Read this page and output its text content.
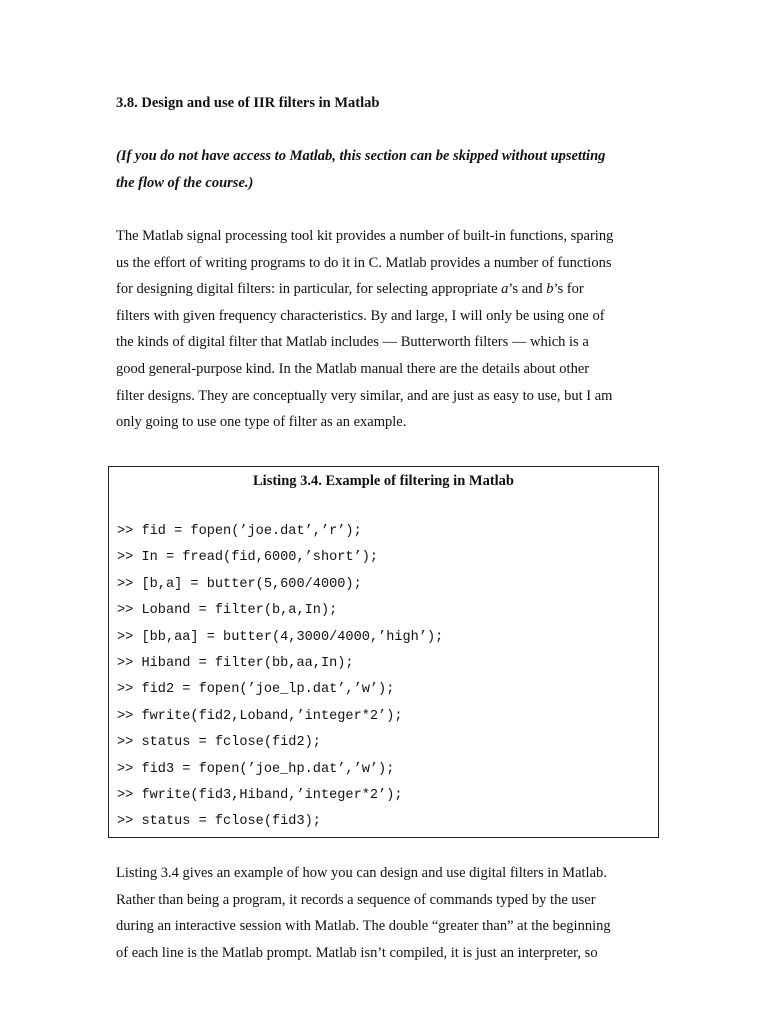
3.8. Design and use of IIR filters in Matlab

(If you do not have access to Matlab, this section can be skipped without upsetting
the flow of the course.)

The Matlab signal processing tool kit provides a number of built-in functions, sparing
us the effort of writing programs to do it in C. Matlab provides a number of functions
for designing digital filters: in particular, for selecting appropriate a’s and b’s for
filters with given frequency characteristics. By and large, I will only be using one of
the kinds of digital filter that Matlab includes — Butterworth filters — which is a
good general-purpose kind. In the Matlab manual there are the details about other
filter designs. They are conceptually very similar, and are just as easy to use, but I am
only going to use one type of filter as an example.

Listing 3.4. Example of filtering in Matlab
>> fid = fopen(’joe.dat’,’r’);
>> In = fread(fid,6000,’short’);
>> [b,a] = butter(5,600/4000);
>> Loband = filter(b,a,In);
>> [bb,aa] = butter(4,3000/4000,’high’);
>> Hiband = filter(bb,aa,In);
>> fid2 = fopen(’joe_lp.dat’,’w’);
>> fwrite(fid2,Loband,’integer*2’);
>> status = fclose(fid2);
>> fid3 = fopen(’joe_hp.dat’,’w’);
>> fwrite(fid3,Hiband,’integer*2’);
>> status = fclose(fid3);

Listing 3.4 gives an example of how you can design and use digital filters in Matlab.
Rather than being a program, it records a sequence of commands typed by the user
during an interactive session with Matlab. The double “greater than” at the beginning
of each line is the Matlab prompt. Matlab isn’t compiled, it is just an interpreter, so
